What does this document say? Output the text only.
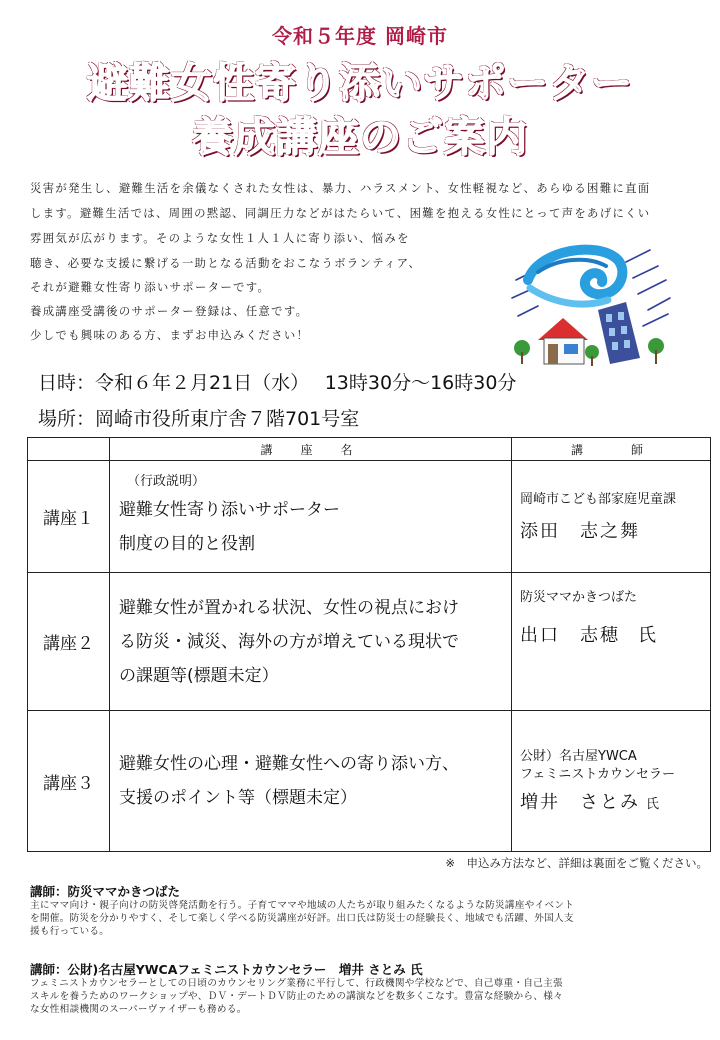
令和５年度 岡崎市
避難女性寄り添いサポーター
養成講座のご案内
災害が発生し、避難生活を余儀なくされた女性は、暴力、ハラスメント、女性軽視など、あらゆる困難に直面
します。避難生活では、周囲の黙認、同調圧力などがはたらいて、困難を抱える女性にとって声をあげにくい
雰囲気が広がります。そのような女性１人１人に寄り添い、悩みを
聴き、必要な支援に繋げる一助となる活動をおこなうボランティア、
それが避難女性寄り添いサポーターです。
養成講座受講後のサポーター登録は、任意です。
少しでも興味のある方、まずお申込みください！
日時：令和６年２月21日（水）　 13時30分～16時30分
場所：岡崎市役所東庁舎７階701号室
	講　座　名	講　　師
講座１	（行政説明）
避難女性寄り添いサポーター
制度の目的と役割	岡崎市こども部家庭児童課
添田　志之舞

講座２	避難女性が置かれる状況、女性の視点におけ
る防災・減災、海外の方が増えている現状で
の課題等(標題未定）	防災ママかきつばた
出口　志穂 氏

講座３	避難女性の心理・避難女性への寄り添い方、
支援のポイント等（標題未定）	公財）名古屋YWCA
フェミニストカウンセラー
増井　さとみ 氏
※　申込み方法など、詳細は裏面をご覧ください。
講師：防災ママかきつばた
主にママ向け・親子向けの防災啓発活動を行う。子育てママや地域の人たちが取り組みたくなるような防災講座やイベント
を開催。防災を分かりやすく、そして楽しく学べる防災講座が好評。出口氏は防災士の経験長く、地域でも活躍、外国人支
援も行っている。
講師：公財)名古屋YWCAフェミニストカウンセラー　増井 さとみ 氏
フェミニストカウンセラーとしての日頃のカウンセリング業務に平行して、行政機関や学校などで、自己尊重・自己主張
スキルを養うためのワークショップや、ＤＶ・デートＤＶ防止のための講演などを数多くこなす。豊富な経験から、様々
な女性相談機関のスーパーヴァイザーも務める。
